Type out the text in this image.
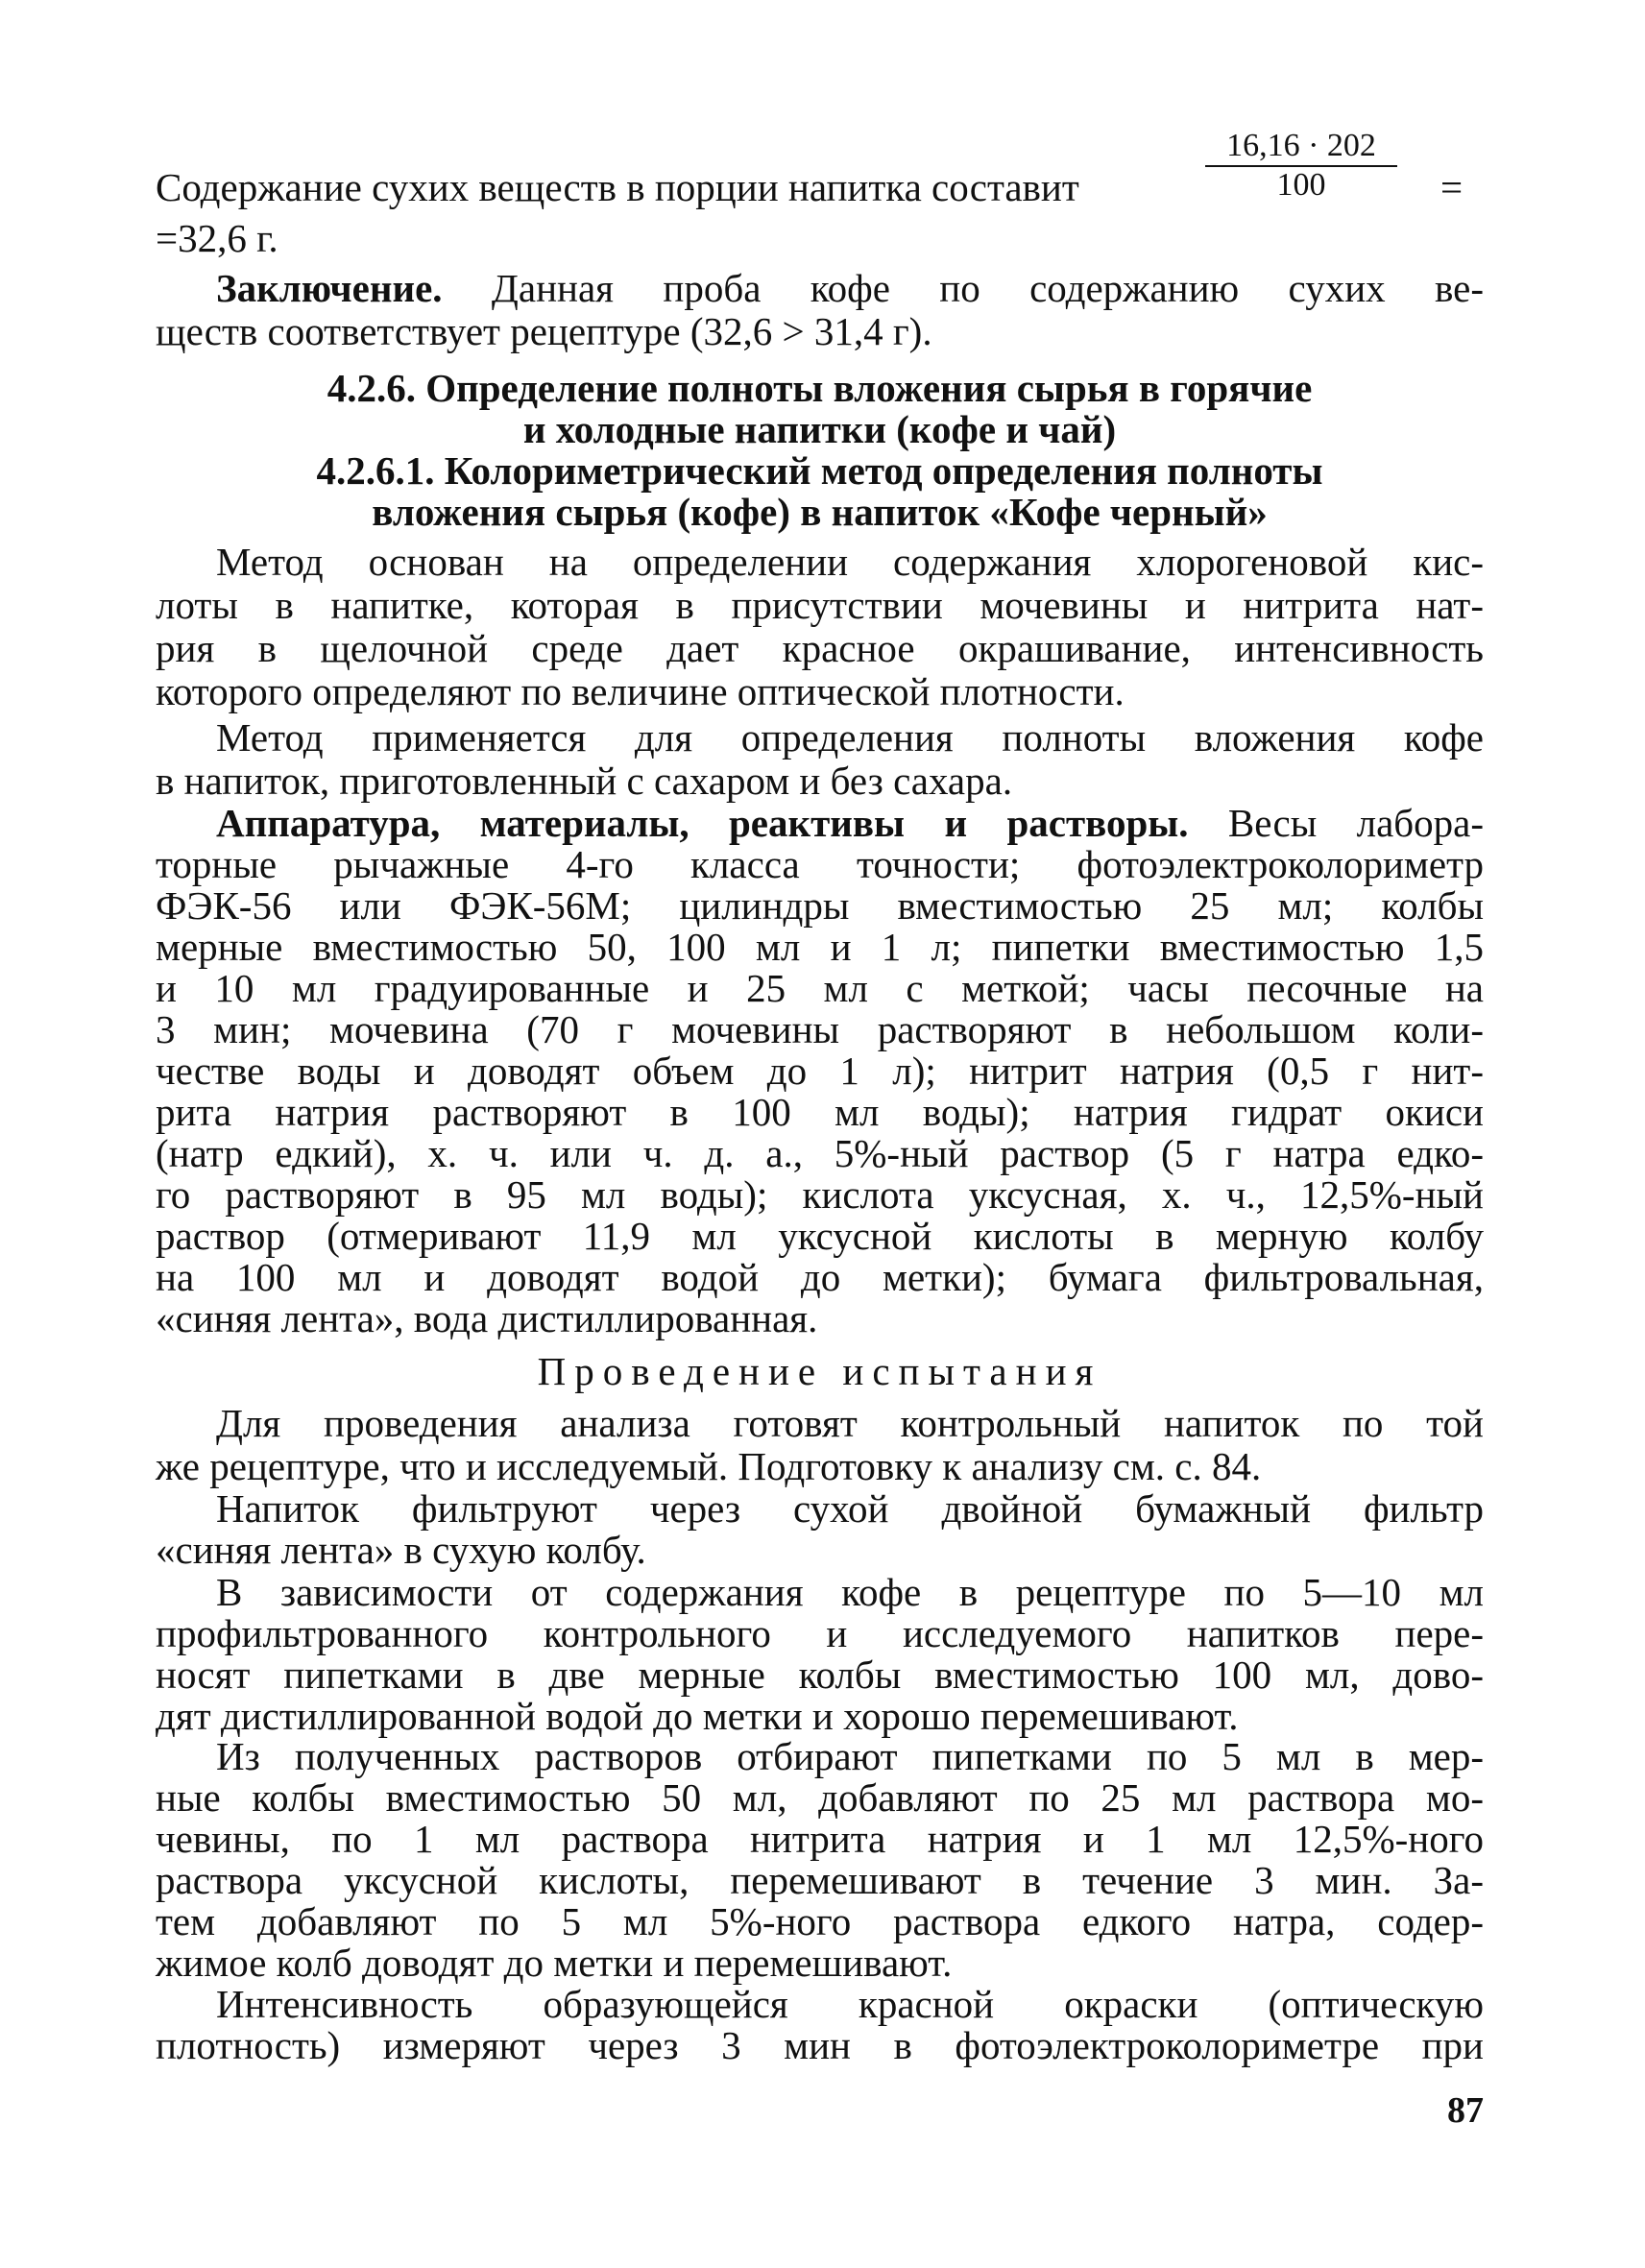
Содержание сухих веществ в порции напитка составит	$\frac{16,16 \cdot 202}{100}$ =
=32,6 г.
Заключение. Данная проба кофе по содержанию сухих ве-
ществ соответствует рецептуре (32,6 > 31,4 г).
4.2.6. Определение полноты вложения сырья в горячие
и холодные напитки (кофе и чай)
4.2.6.1. Колориметрический метод определения полноты
вложения сырья (кофе) в напиток «Кофе черный»
Метод основан на определении содержания хлорогеновой кис-
лоты в напитке, которая в присутствии мочевины и нитрита нат-
рия в щелочной среде дает красное окрашивание, интенсивность
которого определяют по величине оптической плотности.
Метод применяется для определения полноты вложения кофе
в напиток, приготовленный с сахаром и без сахара.
Аппаратура, материалы, реактивы и растворы. Весы лабора-
торные рычажные 4-го класса точности; фотоэлектроколориметр
ФЭК-56 или ФЭК-56М; цилиндры вместимостью 25 мл; колбы
мерные вместимостью 50, 100 мл и 1 л; пипетки вместимостью 1,5
и 10 мл градуированные и 25 мл с меткой; часы песочные на
3 мин; мочевина (70 г мочевины растворяют в небольшом коли-
честве воды и доводят объем до 1 л); нитрит натрия (0,5 г нит-
рита натрия растворяют в 100 мл воды); натрия гидрат окиси
(натр едкий), х. ч. или ч. д. а., 5%-ный раствор (5 г натра едко-
го растворяют в 95 мл воды); кислота уксусная, х. ч., 12,5%-ный
раствор (отмеривают 11,9 мл уксусной кислоты в мерную колбу
на 100 мл и доводят водой до метки); бумага фильтровальная,
«синяя лента», вода дистиллированная.
Проведение испытания
Для проведения анализа готовят контрольный напиток по той
же рецептуре, что и исследуемый. Подготовку к анализу см. с. 84.
Напиток фильтруют через сухой двойной бумажный фильтр
«синяя лента» в сухую колбу.
В зависимости от содержания кофе в рецептуре по 5—10 мл
профильтрованного контрольного и исследуемого напитков пере-
носят пипетками в две мерные колбы вместимостью 100 мл, дово-
дят дистиллированной водой до метки и хорошо перемешивают.
Из полученных растворов отбирают пипетками по 5 мл в мер-
ные колбы вместимостью 50 мл, добавляют по 25 мл раствора мо-
чевины, по 1 мл раствора нитрита натрия и 1 мл 12,5%-ного
раствора уксусной кислоты, перемешивают в течение 3 мин. За-
тем добавляют по 5 мл 5%-ного раствора едкого натра, содер-
жимое колб доводят до метки и перемешивают.
Интенсивность образующейся красной окраски (оптическую
плотность) измеряют через 3 мин в фотоэлектроколориметре при
87
